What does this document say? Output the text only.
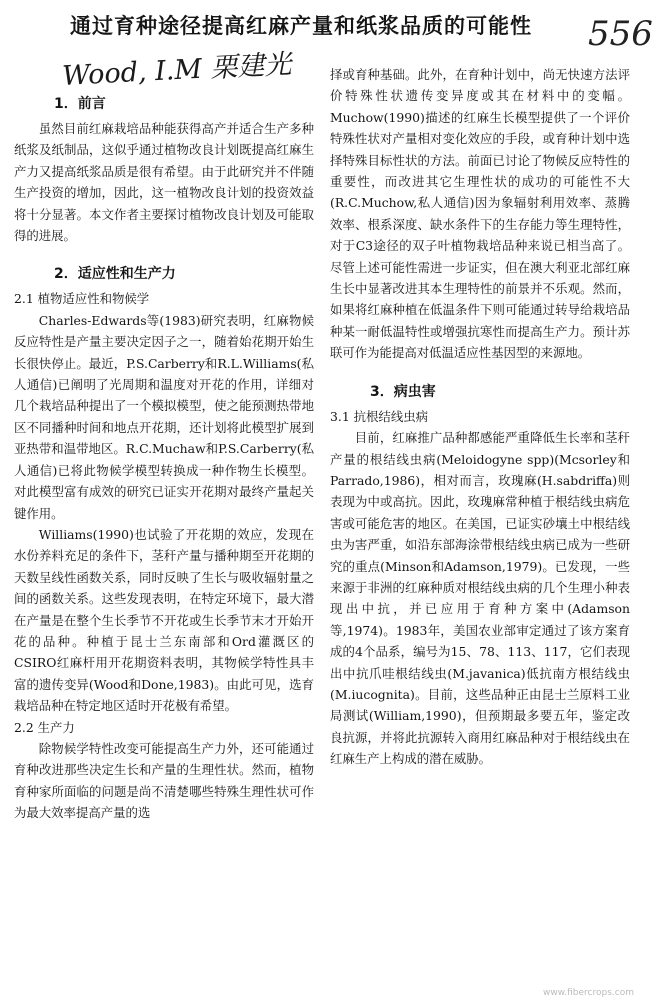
通过育种途径提高红麻产量和纸浆品质的可能性	556
Wood, I.M 栗建光
1．前言

虽然目前红麻栽培品种能获得高产并适合生产多种纸浆及纸制品，这似乎通过植物改良计划既提高红麻生产力又提高纸浆品质是很有希望。由于此研究并不伴随生产投资的增加，因此，这一植物改良计划的投资效益将十分显著。本文作者主要探讨植物改良计划及可能取得的进展。

2．适应性和生产力
2.1 植物适应性和物候学

Charles-Edwards等(1983)研究表明，红麻物候反应特性是产量主要决定因子之一，随着始花期开始生长很快停止。最近，P.S.Carberry和R.L.Williams(私人通信)已阐明了光周期和温度对开花的作用，详细对几个栽培品种提出了一个模拟模型，使之能预测热带地区不同播种时间和地点开花期，还计划将此模型扩展到亚热带和温带地区。R.C.Muchaw和P.S.Carberry(私人通信)已将此物候学模型转换成一种作物生长模型。对此模型富有成效的研究已证实开花期对最终产量起关键作用。

Williams(1990)也试验了开花期的效应，发现在水份养料充足的条件下，茎秆产量与播种期至开花期的天数呈线性函数关系，同时反映了生长与吸收辐射量之间的函数关系。这些发现表明，在特定环境下，最大潜在产量是在整个生长季节不开花或生长季节末才开始开花的品种。种植于昆士兰东南部和Ord灌溉区的CSIRO红麻杆用开花期资料表明，其物候学特性具丰富的遗传变异(Wood和Done,1983)。由此可见，选育栽培品种在特定地区适时开花极有希望。

2.2 生产力

除物候学特性改变可能提高生产力外，还可能通过育种改进那些决定生长和产量的生理性状。然而，植物育种家所面临的问题是尚不清楚哪些特殊生理性状可作为最大效率提高产量的选

择或育种基础。此外，在育种计划中，尚无快速方法评价特殊性状遗传变异度或其在材料中的变幅。Muchow(1990)描述的红麻生长模型提供了一个评价特殊性状对产量相对变化效应的手段，或育种计划中选择特殊目标性状的方法。前面已讨论了物候反应特性的重要性，而改进其它生理性状的成功的可能性不大(R.C.Muchow,私人通信)因为象辐射利用效率、蒸腾效率、根系深度、缺水条件下的生存能力等生理特性，对于C3途径的双子叶植物栽培品种来说已相当高了。尽管上述可能性需进一步证实，但在澳大利亚北部红麻生长中显著改进其本生理特性的前景并不乐观。然而，如果将红麻种植在低温条件下则可能通过转导给栽培品种某一耐低温特性或增强抗寒性而提高生产力。预计苏联可作为能提高对低温适应性基因型的来源地。

3．病虫害
3.1 抗根结线虫病

目前，红麻推广品种都感能严重降低生长率和茎秆产量的根结线虫病(Meloidogyne spp)(Mcsorley和Parrado,1986)，相对而言，玫瑰麻(H.sabdriffa)则表现为中或高抗。因此，玫瑰麻常种植于根结线虫病危害或可能危害的地区。在美国，已证实砂壤土中根结线虫为害严重，如沿东部海涂带根结线虫病已成为一些研究的重点(Minson和Adamson,1979)。已发现，一些来源于非洲的红麻种质对根结线虫病的几个生理小种表现出中抗，并已应用于育种方案中(Adamson等,1974)。1983年，美国农业部审定通过了该方案育成的4个品系，编号为15、78、113、117，它们表现出中抗爪哇根结线虫(M.javanica)低抗南方根结线虫(M.iucognita)。目前，这些品种正由昆士兰原料工业局测试(William,1990)，但预期最多要五年，鉴定改良抗源，并将此抗源转入商用红麻品种对于根结线虫在红麻生产上构成的潜在威胁。

www.fibercrops.com
